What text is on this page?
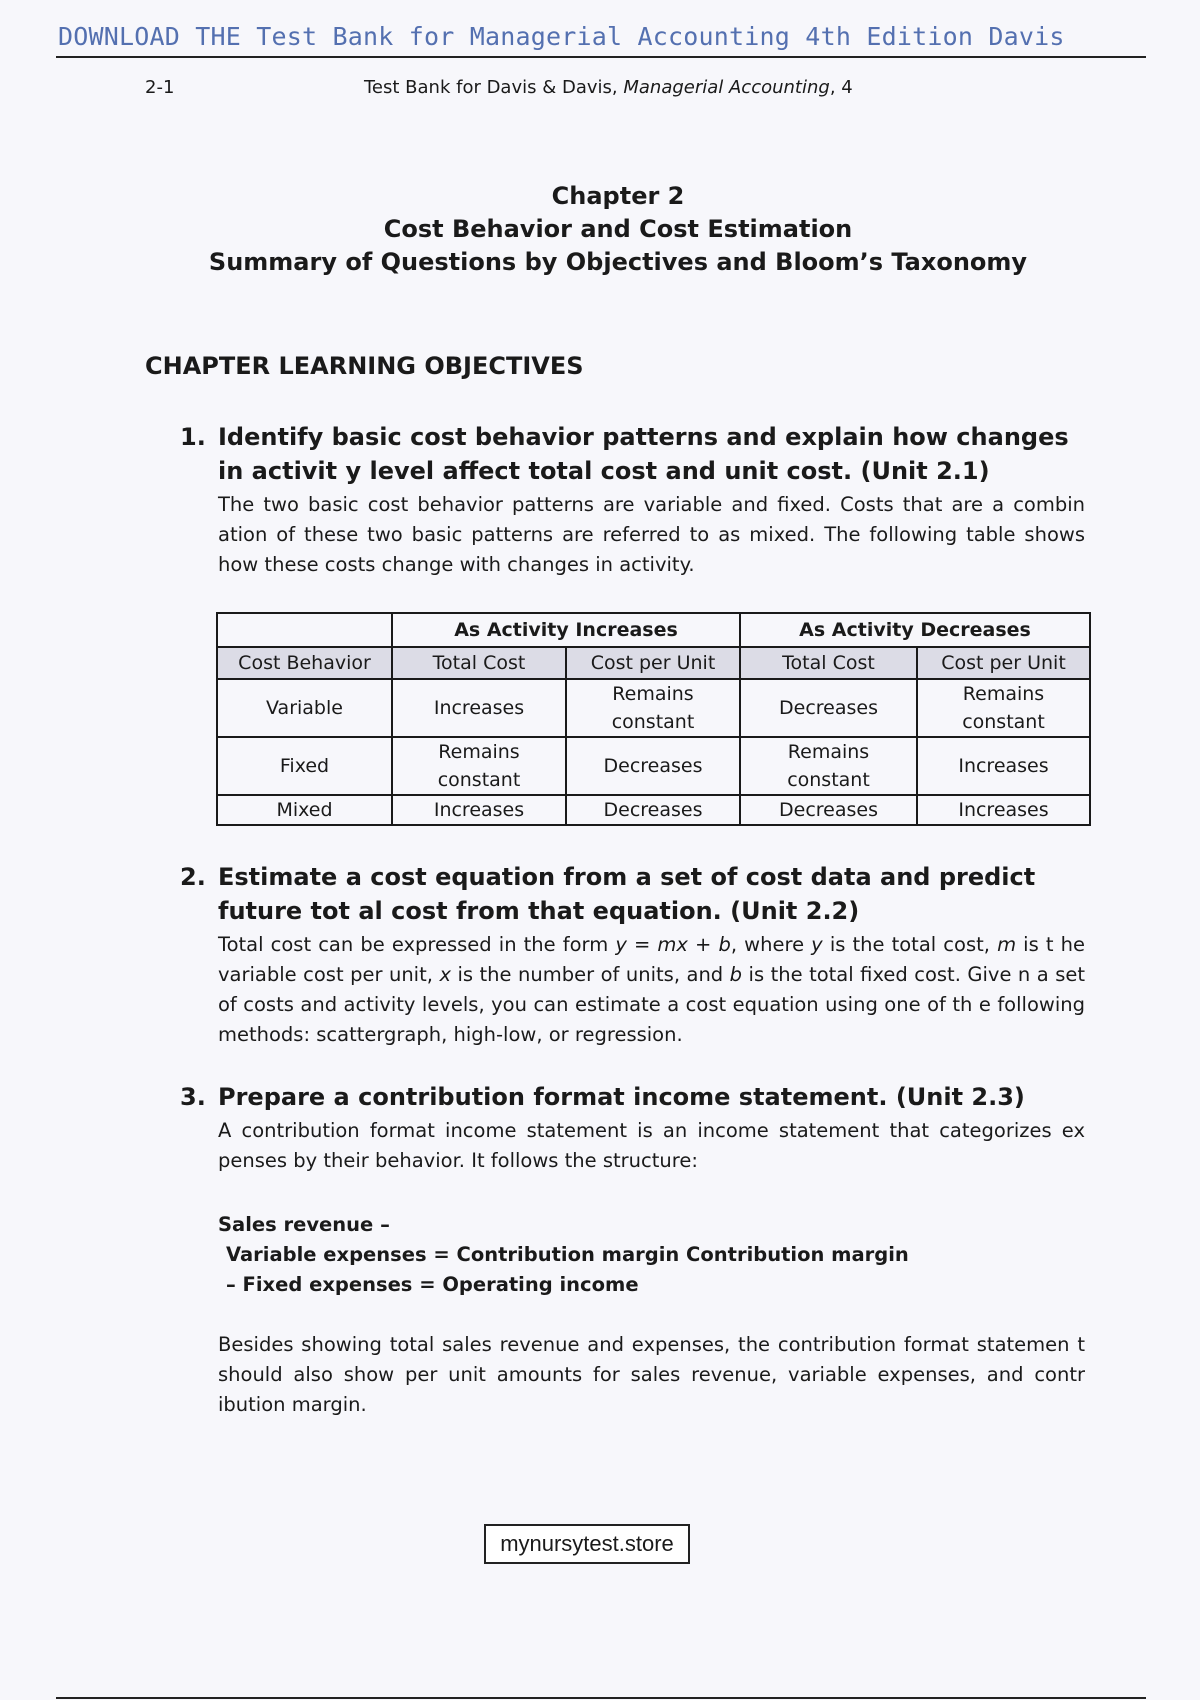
DOWNLOAD THE Test Bank for Managerial Accounting 4th Edition Davis
2-1	Test Bank for Davis & Davis, Managerial Accounting, 4
Chapter 2
Cost Behavior and Cost Estimation
Summary of Questions by Objectives and Bloom’s Taxonomy
CHAPTER LEARNING OBJECTIVES
1. Identify basic cost behavior patterns and explain how changes in activit y level affect total cost and unit cost. (Unit 2.1)
The two basic cost behavior patterns are variable and fixed. Costs that are a combin ation of these two basic patterns are referred to as mixed. The following table shows how these costs change with changes in activity.
	As Activity Increases		As Activity Decreases	
Cost Behavior	Total Cost	Cost per Unit	Total Cost	Cost per Unit
Variable	Increases	Remains constant	Decreases	Remains constant
Fixed	Remains constant	Decreases	Remains constant	Increases
Mixed	Increases	Decreases	Decreases	Increases
2. Estimate a cost equation from a set of cost data and predict future tot al cost from that equation. (Unit 2.2)
Total cost can be expressed in the form y = mx + b, where y is the total cost, m is t he variable cost per unit, x is the number of units, and b is the total fixed cost. Give n a set of costs and activity levels, you can estimate a cost equation using one of th e following methods: scattergraph, high-low, or regression.
3. Prepare a contribution format income statement. (Unit 2.3)
A contribution format income statement is an income statement that categorizes ex penses by their behavior. It follows the structure:
Sales revenue –
Variable expenses = Contribution margin Contribution margin
– Fixed expenses = Operating income
Besides showing total sales revenue and expenses, the contribution format statemen t should also show per unit amounts for sales revenue, variable expenses, and contr ibution margin.
mynursytest.store
